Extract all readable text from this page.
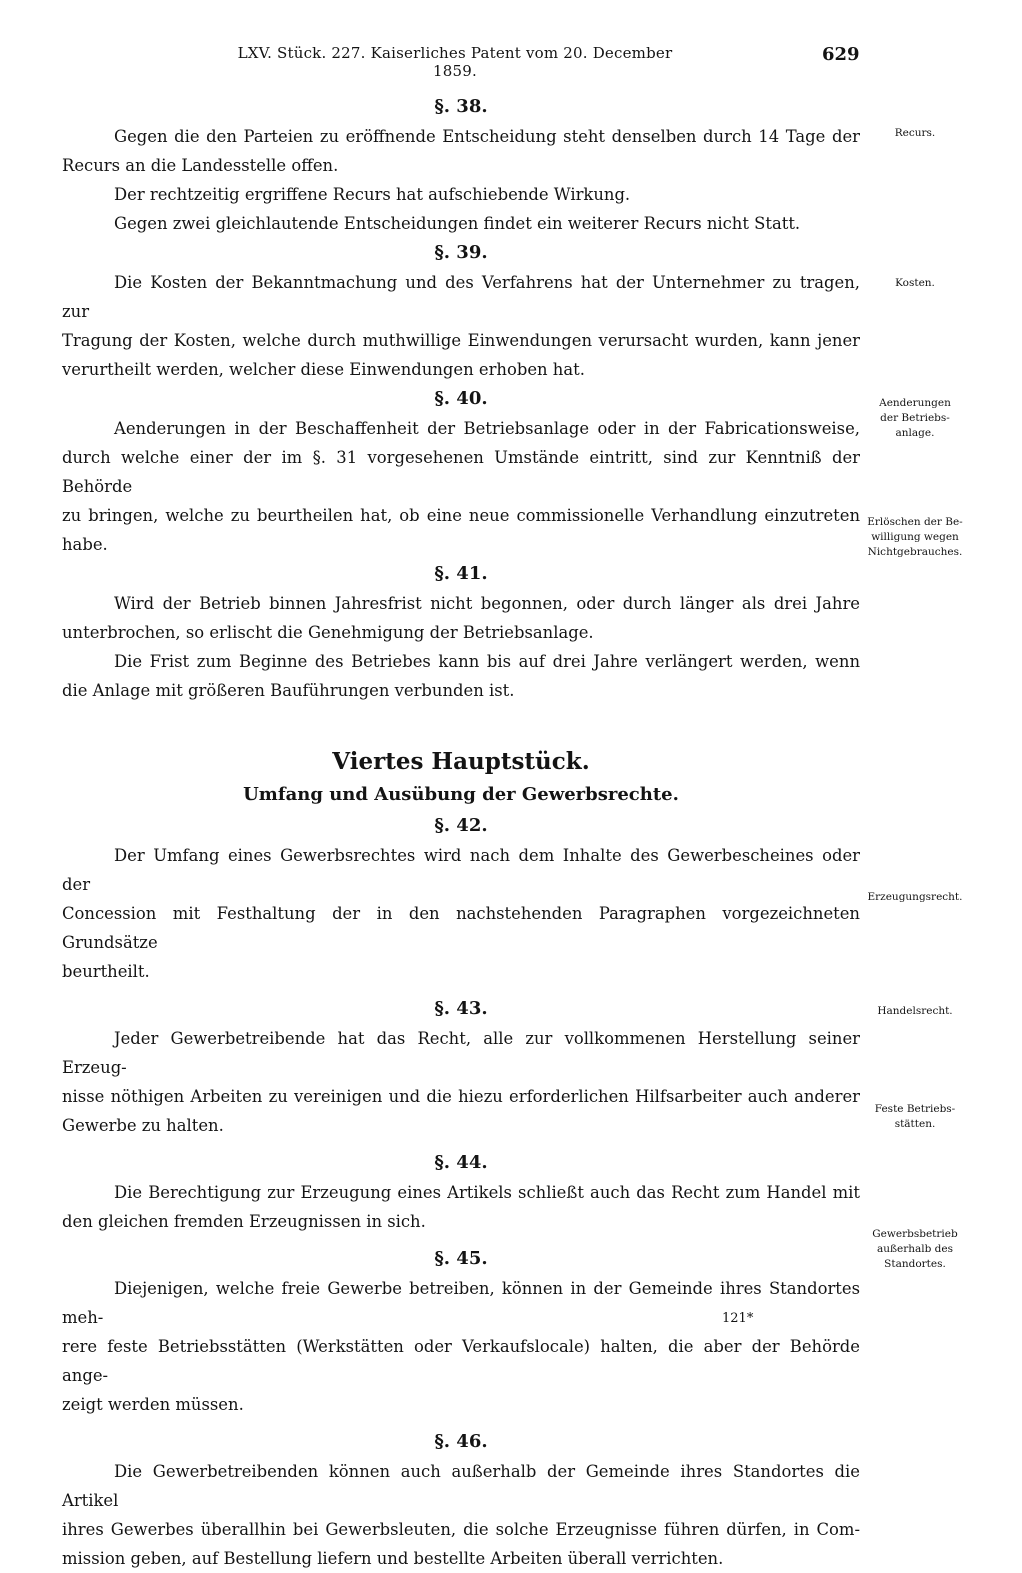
LXV. Stück. 227. Kaiserliches Patent vom 20. December 1859.
629
§. 38.

Gegen die den Parteien zu eröffnende Entscheidung steht denselben durch 14 Tage der

Recurs an die Landesstelle offen.

Der rechtzeitig ergriffene Recurs hat aufschiebende Wirkung.

Gegen zwei gleichlautende Entscheidungen findet ein weiterer Recurs nicht Statt.

§. 39.

Die Kosten der Bekanntmachung und des Verfahrens hat der Unternehmer zu tragen, zur

Tragung der Kosten, welche durch muthwillige Einwendungen verursacht wurden, kann jener

verurtheilt werden, welcher diese Einwendungen erhoben hat.

§. 40.

Aenderungen in der Beschaffenheit der Betriebsanlage oder in der Fabricationsweise,

durch welche einer der im §. 31 vorgesehenen Umstände eintritt, sind zur Kenntniß der Behörde

zu bringen, welche zu beurtheilen hat, ob eine neue commissionelle Verhandlung einzutreten habe.

§. 41.

Wird der Betrieb binnen Jahresfrist nicht begonnen, oder durch länger als drei Jahre

unterbrochen, so erlischt die Genehmigung der Betriebsanlage.

Die Frist zum Beginne des Betriebes kann bis auf drei Jahre verlängert werden, wenn

die Anlage mit größeren Bauführungen verbunden ist.

Viertes Hauptstück.
Umfang und Ausübung der Gewerbsrechte.
§. 42.

Der Umfang eines Gewerbsrechtes wird nach dem Inhalte des Gewerbescheines oder der

Concession mit Festhaltung der in den nachstehenden Paragraphen vorgezeichneten Grundsätze

beurtheilt.

§. 43.

Jeder Gewerbetreibende hat das Recht, alle zur vollkommenen Herstellung seiner Erzeug-

nisse nöthigen Arbeiten zu vereinigen und die hiezu erforderlichen Hilfsarbeiter auch anderer

Gewerbe zu halten.

§. 44.

Die Berechtigung zur Erzeugung eines Artikels schließt auch das Recht zum Handel mit

den gleichen fremden Erzeugnissen in sich.

§. 45.

Diejenigen, welche freie Gewerbe betreiben, können in der Gemeinde ihres Standortes meh-

rere feste Betriebsstätten (Werkstätten oder Verkaufslocale) halten, die aber der Behörde ange-

zeigt werden müssen.

§. 46.

Die Gewerbetreibenden können auch außerhalb der Gemeinde ihres Standortes die Artikel

ihres Gewerbes überallhin bei Gewerbsleuten, die solche Erzeugnisse führen dürfen, in Com-

mission geben, auf Bestellung liefern und bestellte Arbeiten überall verrichten.

Recurs.
Kosten.
Aenderungen
der Betriebs-
anlage.
Erlöschen der Be-
willigung wegen
Nichtgebrauches.
Erzeugungsrecht.
Handelsrecht.
Feste Betriebs-
stätten.
Gewerbsbetrieb
außerhalb des
Standortes.
121*
